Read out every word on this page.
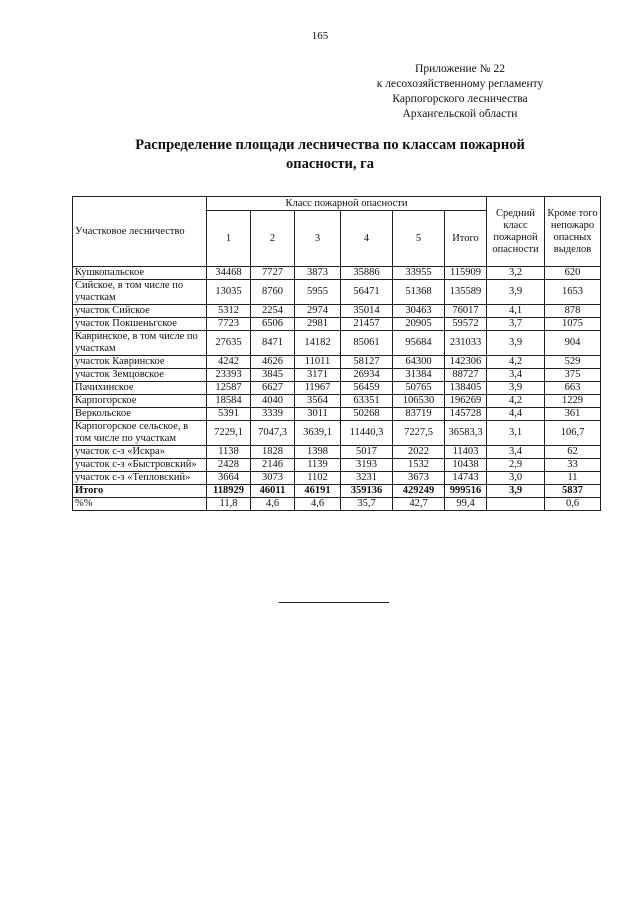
165
Приложение № 22
к лесохозяйственному регламенту
Карпогорского лесничества
Архангельской области
Распределение площади лесничества по классам пожарной
опасности, га
Участковое лесничество	Класс пожарной опасности						Средний класс пожарной опасности	Кроме того непожаро опасных выделов
	1	2	3	4	5	Итого		
Кушкопальское	34468	7727	3873	35886	33955	115909	3,2	620
Сийское, в том числе по участкам	13035	8760	5955	56471	51368	135589	3,9	1653
участок Сийское	5312	2254	2974	35014	30463	76017	4,1	878
участок Покшеньгское	7723	6506	2981	21457	20905	59572	3,7	1075
Кавринское, в том числе по участкам	27635	8471	14182	85061	95684	231033	3,9	904
участок Кавринское	4242	4626	11011	58127	64300	142306	4,2	529
участок Земцовское	23393	3845	3171	26934	31384	88727	3,4	375
Пачихинское	12587	6627	11967	56459	50765	138405	3,9	663
Карпогорское	18584	4040	3564	63351	106530	196269	4,2	1229
Веркольское	5391	3339	3011	50268	83719	145728	4,4	361
Карпогорское сельское, в том числе по участкам	7229,1	7047,3	3639,1	11440,3	7227,5	36583,3	3,1	106,7
участок с-з «Искра»	1138	1828	1398	5017	2022	11403	3,4	62
участок с-з «Быстровский»	2428	2146	1139	3193	1532	10438	2,9	33
участок с-з «Тепловский»	3664	3073	1102	3231	3673	14743	3,0	11
Итого	118929	46011	46191	359136	429249	999516	3,9	5837
%%	11,8	4,6	4,6	35,7	42,7	99,4		0,6
